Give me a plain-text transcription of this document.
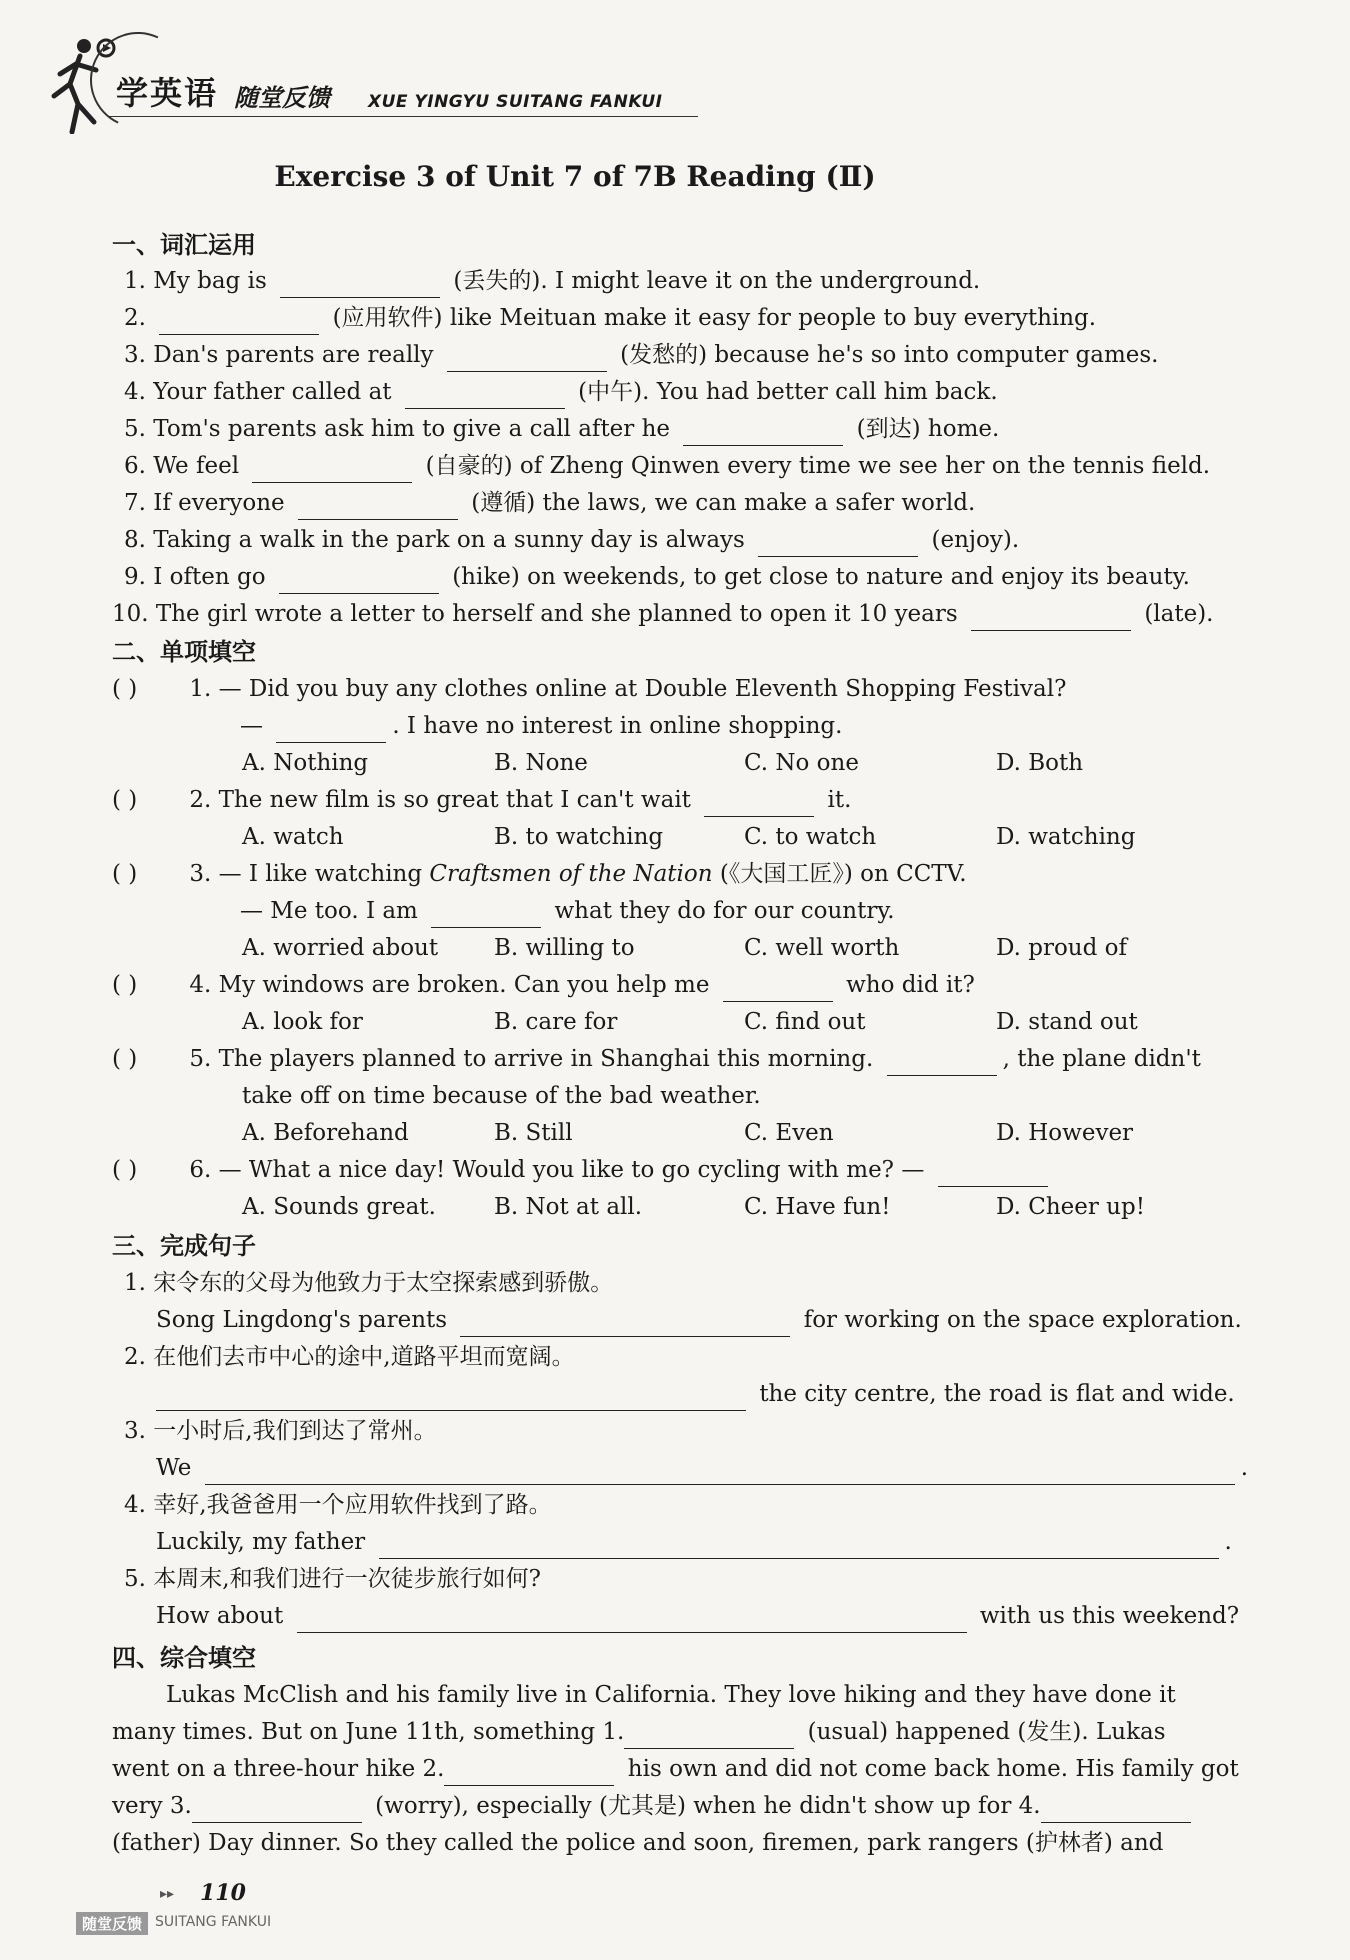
学英语 随堂反馈 XUE YINGYU SUITANG FANKUI
Exercise 3 of Unit 7 of 7B Reading (Ⅱ)
一、词汇运用
1. My bag is	(丢失的). I might leave it on the underground.
2.	(应用软件) like Meituan make it easy for people to buy everything.
3. Dan's parents are really	(发愁的) because he's so into computer games.
4. Your father called at	(中午). You had better call him back.
5. Tom's parents ask him to give a call after he	(到达) home.
6. We feel	(自豪的) of Zheng Qinwen every time we see her on the tennis field.
7. If everyone	(遵循) the laws, we can make a safer world.
8. Taking a walk in the park on a sunny day is always	(enjoy).
9. I often go	(hike) on weekends, to get close to nature and enjoy its beauty.
10. The girl wrote a letter to herself and she planned to open it 10 years	(late).
二、单项填空
( ) 1. — Did you buy any clothes online at Double Eleventh Shopping Festival?
—	. I have no interest in online shopping.
A. Nothing	B. None	C. No one	D. Both
( ) 2. The new film is so great that I can't wait	it.
A. watch	B. to watching	C. to watch	D. watching
( ) 3. — I like watching Craftsmen of the Nation (《大国工匠》) on CCTV.
— Me too. I am	what they do for our country.
A. worried about B. willing to	C. well worth	D. proud of
( ) 4. My windows are broken. Can you help me	who did it?
A. look for	B. care for	C. find out	D. stand out
( ) 5. The players planned to arrive in Shanghai this morning.	, the plane didn't
take off on time because of the bad weather.
A. Beforehand	B. Still	C. Even	D. However
( ) 6. — What a nice day! Would you like to go cycling with me? —
A. Sounds great.	B. Not at all.	C. Have fun!	D. Cheer up!
三、完成句子
1. 宋令东的父母为他致力于太空探索感到骄傲。
Song Lingdong's parents	for working on the space exploration.
2. 在他们去市中心的途中,道路平坦而宽阔。
the city centre, the road is flat and wide.
3. 一小时后,我们到达了常州。
We	.
4. 幸好,我爸爸用一个应用软件找到了路。
Luckily, my father	.
5. 本周末,和我们进行一次徒步旅行如何?
How about	with us this weekend?
四、综合填空
Lukas McClish and his family live in California. They love hiking and they have done it
many times. But on June 11th, something 1.	(usual) happened (发生). Lukas
went on a three-hour hike 2.	his own and did not come back home. His family got
very 3.	(worry), especially (尤其是) when he didn't show up for 4.
(father) Day dinner. So they called the police and soon, firemen, park rangers (护林者) and
▸▸ 110
随堂反馈 SUITANG FANKUI
